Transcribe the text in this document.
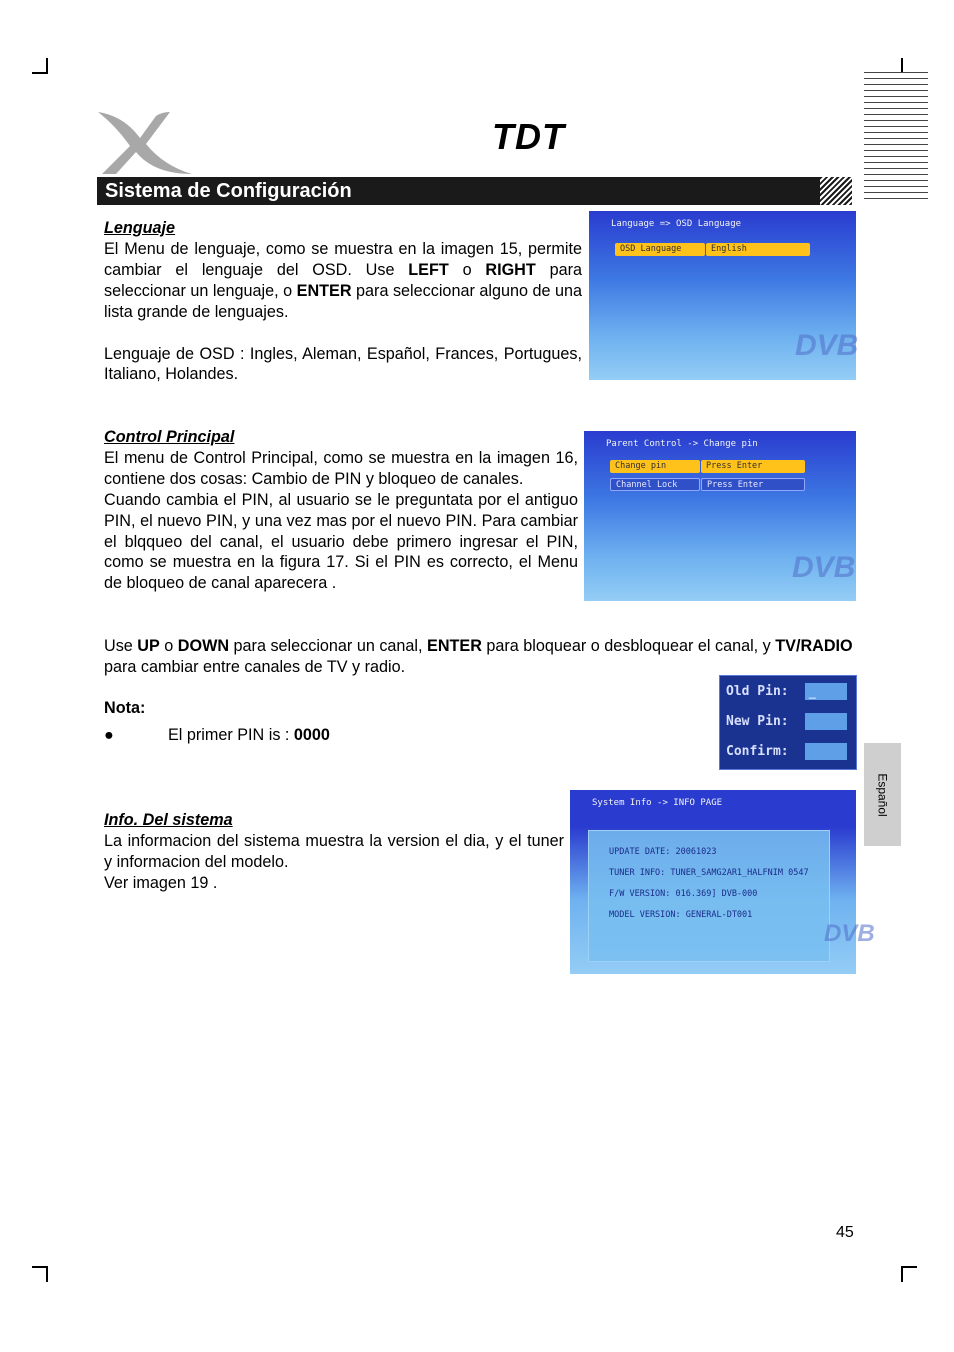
TDT
Sistema de Configuración
Lenguaje
El Menu de lenguaje, como se muestra en la imagen 15, permite cambiar el lenguaje del OSD. Use LEFT o RIGHT para seleccionar un lenguaje, o ENTER para seleccionar alguno de una lista grande de lenguajes.
Lenguaje de OSD : Ingles, Aleman, Español, Frances, Portugues, Italiano, Holandes.
Language => OSD Language
OSD Language	English
DVB
Control Principal
El menu de Control Principal, como se muestra en la imagen 16, contiene dos cosas: Cambio de PIN y bloqueo de canales.
Cuando cambia el PIN, al usuario se le preguntata por el antiguo PIN, el nuevo PIN, y una vez mas por el nuevo PIN. Para cambiar el blqqueo del canal, el usuario debe primero ingresar el PIN, como se muestra en la figura 17. Si el PIN es correcto, el Menu de bloqueo de canal aparecera .
Use UP o DOWN para seleccionar un canal, ENTER para bloquear o desbloquear el canal, y TV/RADIO para cambiar entre canales de TV y radio.
Parent Control -> Change pin
Change pin	Press Enter
Channel Lock	Press Enter
DVB
Nota:
●	El primer PIN is : 0000
Old Pin:	_
New Pin:
Confirm:
Español
Info. Del sistema
La informacion del sistema muestra la version el dia, y el tuner y informacion del modelo.
Ver imagen 19 .
System Info -> INFO PAGE
UPDATE DATE: 20061023
TUNER INFO: TUNER_SAMG2AR1_HALFNIM 0547
F/W VERSION: 016.369] DVB-000
MODEL VERSION: GENERAL-DT001
DVB
45
